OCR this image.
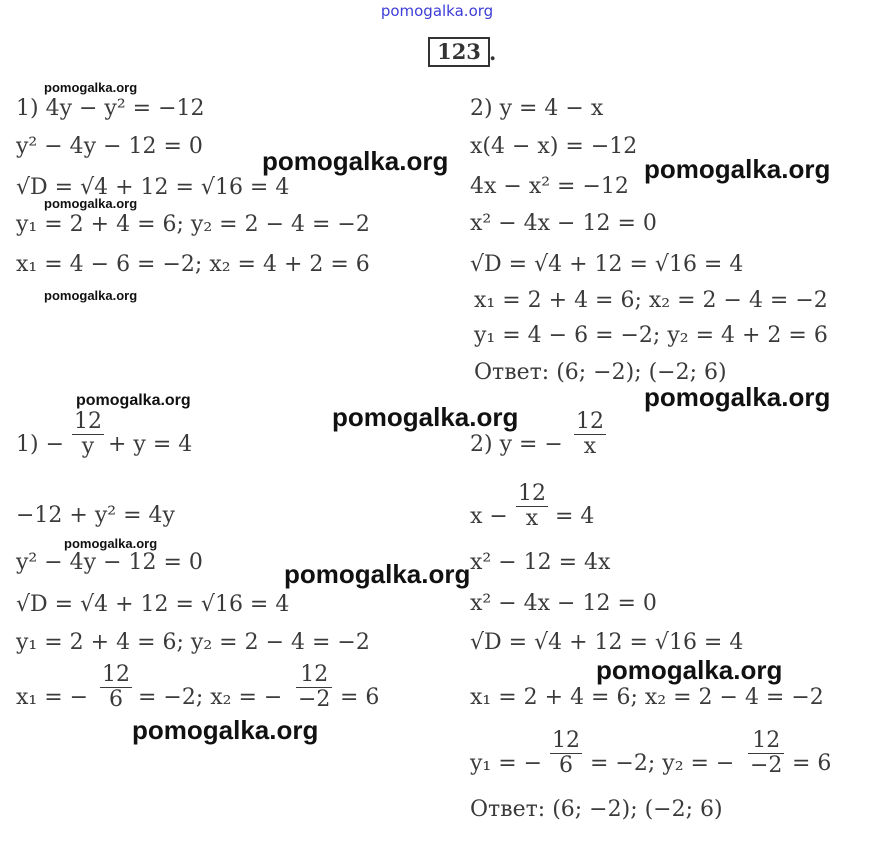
pomogalka.org
123 .
1) 4y − y² = −12
y² − 4y − 12 = 0
√D = √4 + 12 = √16 = 4
y₁ = 2 + 4 = 6; y₂ = 2 − 4 = −2
x₁ = 4 − 6 = −2; x₂ = 4 + 2 = 6
2) y = 4 − x
x(4 − x) = −12
4x − x² = −12
x² − 4x − 12 = 0
√D = √4 + 12 = √16 = 4
x₁ = 2 + 4 = 6; x₂ = 2 − 4 = −2
y₁ = 4 − 6 = −2; y₂ = 4 + 2 = 6
Ответ: (6; −2); (−2; 6)
$1) - \frac{12}{y} + y = 4$
−12 + y² = 4y
y² − 4y − 12 = 0
√D = √4 + 12 = √16 = 4
y₁ = 2 + 4 = 6; y₂ = 2 − 4 = −2
x₁ = − $\frac{12}{6} = -2$; x₂ = − $\frac{12}{-2} = 6$
2) y = − $\frac{12}{x}$
$x - \frac{12}{x} = 4$
x² − 12 = 4x
x² − 4x − 12 = 0
√D = √4 + 12 = √16 = 4
x₁ = 2 + 4 = 6; x₂ = 2 − 4 = −2
y₁ = − $\frac{12}{6} = -2$; y₂ = − $\frac{12}{-2} = 6$
Ответ: (6; −2); (−2; 6)
pomogalka.org
pomogalka.org
pomogalka.org
pomogalka.org
pomogalka.org
pomogalka.org
pomogalka.org
pomogalka.org
pomogalka.org
pomogalka.org
pomogalka.org
pomogalka.org
